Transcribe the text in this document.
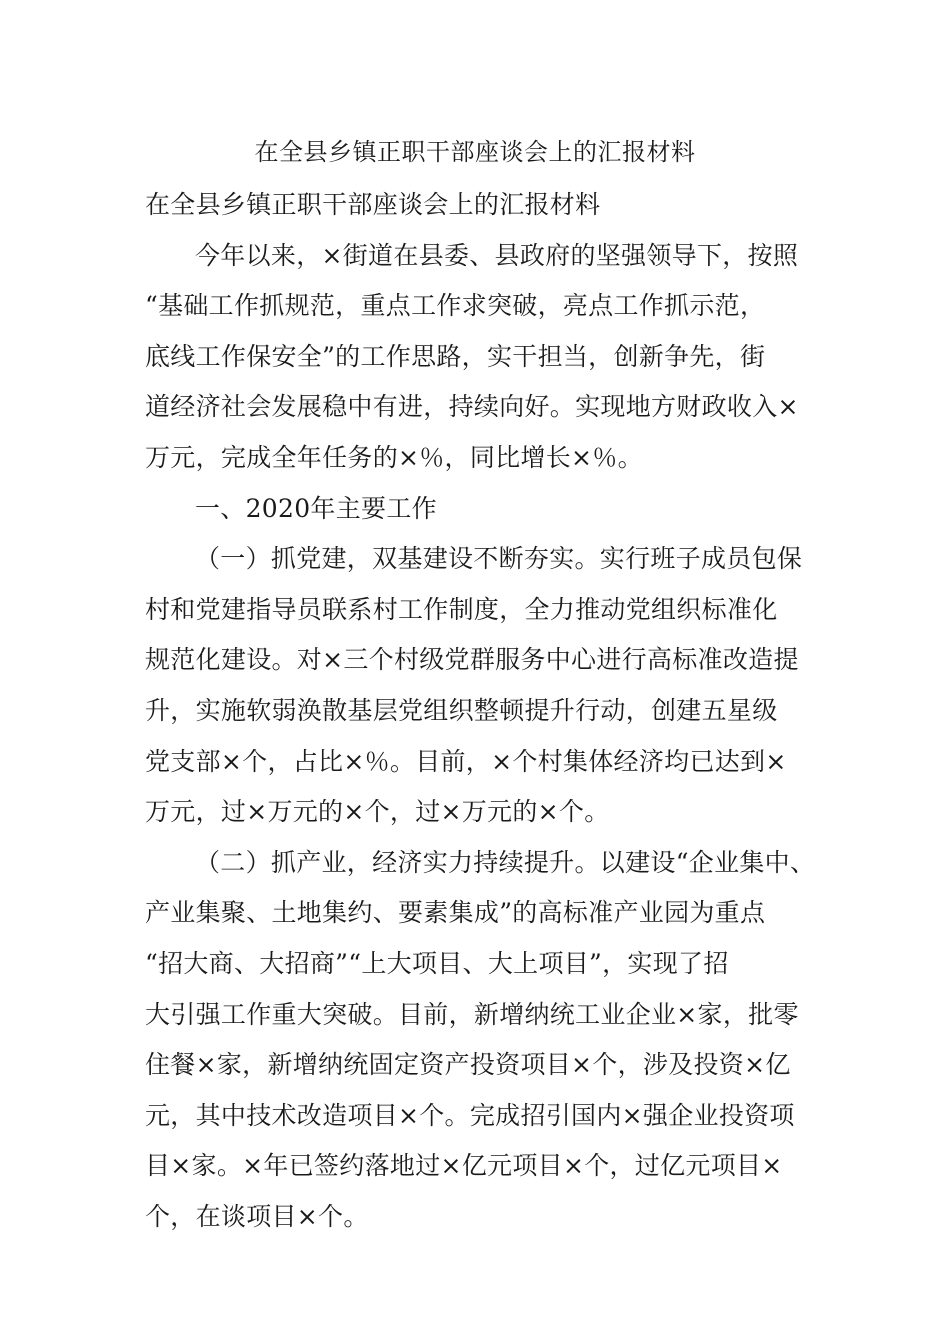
在全县乡镇正职干部座谈会上的汇报材料
在全县乡镇正职干部座谈会上的汇报材料
今年以来，×街道在县委、县政府的坚强领导下，按照
“基础工作抓规范，重点工作求突破，亮点工作抓示范，
底线工作保安全”的工作思路，实干担当，创新争先，街
道经济社会发展稳中有进，持续向好。实现地方财政收入×
万元，完成全年任务的×％，同比增长×％。
一、2020年主要工作
（一）抓党建，双基建设不断夯实。实行班子成员包保
村和党建指导员联系村工作制度，全力推动党组织标准化
规范化建设。对×三个村级党群服务中心进行高标准改造提
升，实施软弱涣散基层党组织整顿提升行动，创建五星级
党支部×个，占比×％。目前，×个村集体经济均已达到×
万元，过×万元的×个，过×万元的×个。
（二）抓产业，经济实力持续提升。以建设“企业集中、
产业集聚、土地集约、要素集成”的高标准产业园为重点
“招大商、大招商”“上大项目、大上项目”，实现了招
大引强工作重大突破。目前，新增纳统工业企业×家，批零
住餐×家，新增纳统固定资产投资项目×个，涉及投资×亿
元，其中技术改造项目×个。完成招引国内×强企业投资项
目×家。×年已签约落地过×亿元项目×个，过亿元项目×
个，在谈项目×个。
